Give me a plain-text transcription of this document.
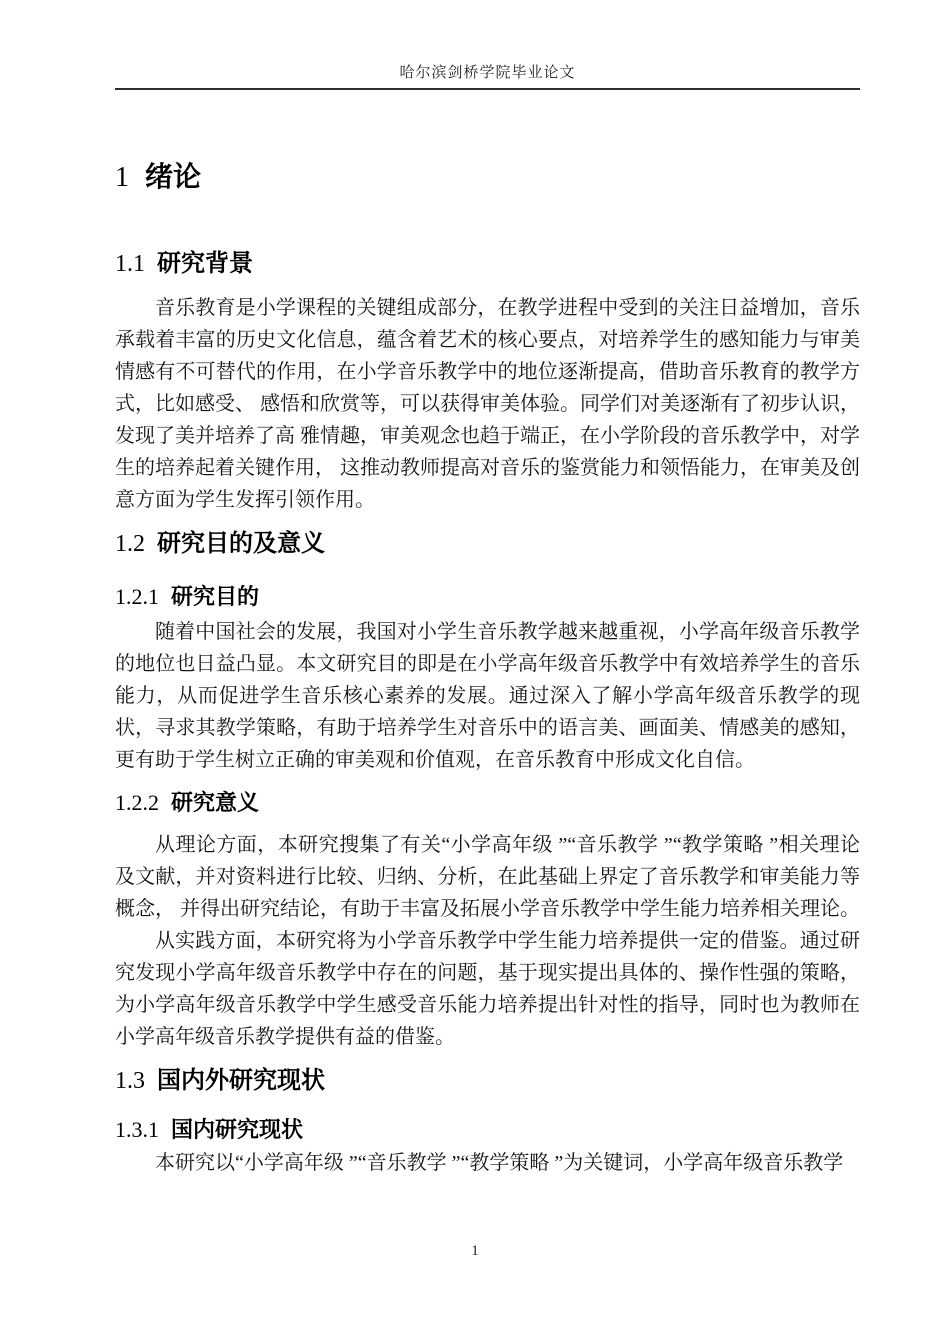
哈尔滨剑桥学院毕业论文
1 绪论
1.1 研究背景

音乐教育是小学课程的关键组成部分，在教学进程中受到的关注日益增加，音乐承载着丰富的历史文化信息，蕴含着艺术的核心要点，对培养学生的感知能力与审美情感有不可替代的作用，在小学音乐教学中的地位逐渐提高，借助音乐教育的教学方式，比如感受、 感悟和欣赏等，可以获得审美体验。同学们对美逐渐有了初步认识，发现了美并培养了高 雅情趣，审美观念也趋于端正，在小学阶段的音乐教学中，对学生的培养起着关键作用， 这推动教师提高对音乐的鉴赏能力和领悟能力，在审美及创意方面为学生发挥引领作用。

1.2 研究目的及意义
1.2.1 研究目的

随着中国社会的发展，我国对小学生音乐教学越来越重视，小学高年级音乐教学的地位也日益凸显。本文研究目的即是在小学高年级音乐教学中有效培养学生的音乐能力，从而促进学生音乐核心素养的发展。通过深入了解小学高年级音乐教学的现状，寻求其教学策略，有助于培养学生对音乐中的语言美、画面美、情感美的感知，更有助于学生树立正确的审美观和价值观，在音乐教育中形成文化自信。

1.2.2 研究意义

从理论方面，本研究搜集了有关“小学高年级 ”“音乐教学 ”“教学策略 ”相关理论 及文献，并对资料进行比较、归纳、分析，在此基础上界定了音乐教学和审美能力等概念， 并得出研究结论，有助于丰富及拓展小学音乐教学中学生能力培养相关理论。

从实践方面，本研究将为小学音乐教学中学生能力培养提供一定的借鉴。通过研究发现小学高年级音乐教学中存在的问题，基于现实提出具体的、操作性强的策略，为小学高年级音乐教学中学生感受音乐能力培养提出针对性的指导，同时也为教师在小学高年级音乐教学提供有益的借鉴。

1.3 国内外研究现状
1.3.1 国内研究现状

本研究以“小学高年级 ”“音乐教学 ”“教学策略 ”为关键词，小学高年级音乐教学

1
